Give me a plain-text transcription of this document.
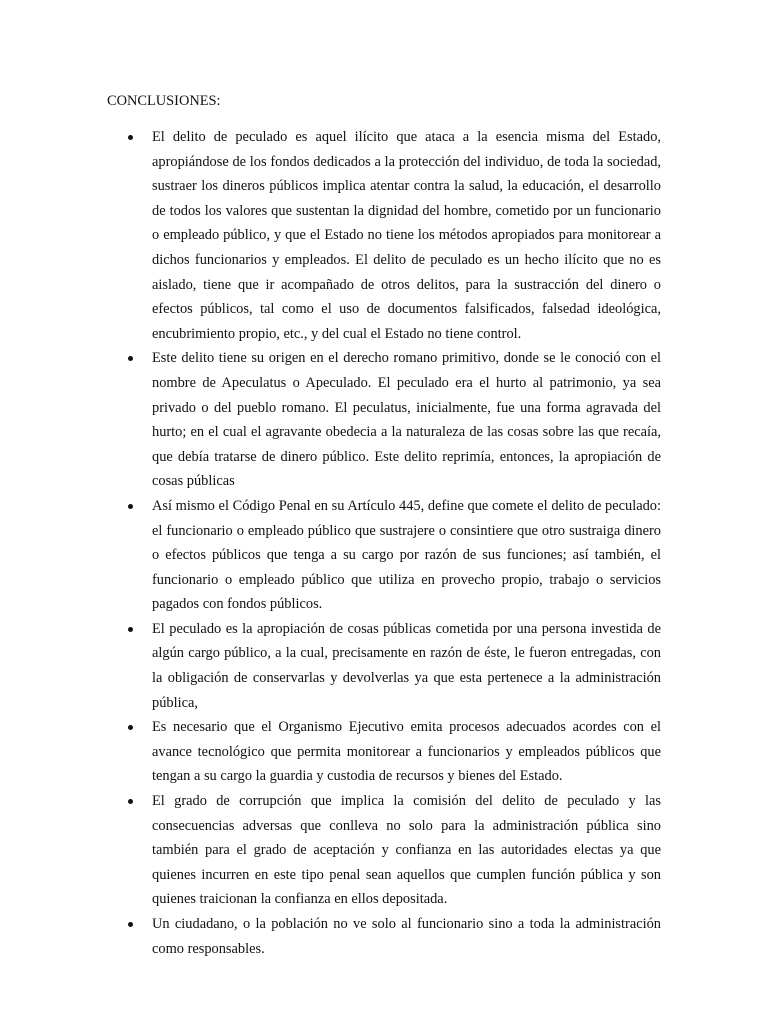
CONCLUSIONES:
El delito de peculado es aquel ilícito que ataca a la esencia misma del Estado, apropiándose de los fondos dedicados a la protección del individuo, de toda la sociedad, sustraer los dineros públicos implica atentar contra la salud, la educación, el desarrollo de todos los valores que sustentan la dignidad del hombre, cometido por un funcionario o empleado público, y que el Estado no tiene los métodos apropiados para monitorear a dichos funcionarios y empleados. El delito de peculado es un hecho ilícito que no es aislado, tiene que ir acompañado de otros delitos, para la sustracción del dinero o efectos públicos, tal como el uso de documentos falsificados, falsedad ideológica, encubrimiento propio, etc., y del cual el Estado no tiene control.
Este delito tiene su origen en el derecho romano primitivo, donde se le conoció con el nombre de Apeculatus o Apeculado. El peculado era el hurto al patrimonio, ya sea privado o del pueblo romano. El peculatus, inicialmente, fue una forma agravada del hurto; en el cual el agravante obedecia a la naturaleza de las cosas sobre las que recaía, que debía tratarse de dinero público. Este delito reprimía, entonces, la apropiación de cosas públicas
Así mismo el Código Penal en su Artículo 445, define que comete el delito de peculado: el funcionario o empleado público que sustrajere o consintiere que otro sustraiga dinero o efectos públicos que tenga a su cargo por razón de sus funciones; así también, el funcionario o empleado público que utiliza en provecho propio, trabajo o servicios pagados con fondos públicos.
El peculado es la apropiación de cosas públicas cometida por una persona investida de algún cargo público, a la cual, precisamente en razón de éste, le fueron entregadas, con la obligación de conservarlas y devolverlas ya que esta pertenece a la administración pública,
Es necesario que el Organismo Ejecutivo emita procesos adecuados acordes con el avance tecnológico que permita monitorear a funcionarios y empleados públicos que tengan a su cargo la guardia y custodia de recursos y bienes del Estado.
El grado de corrupción que implica la comisión del delito de peculado y las consecuencias adversas que conlleva no solo para la administración pública sino también para el grado de aceptación y confianza en las autoridades electas ya que quienes incurren en este tipo penal sean aquellos que cumplen función pública y son quienes traicionan la confianza en ellos depositada.
Un ciudadano, o la población no ve solo al funcionario sino a toda la administración como responsables.
